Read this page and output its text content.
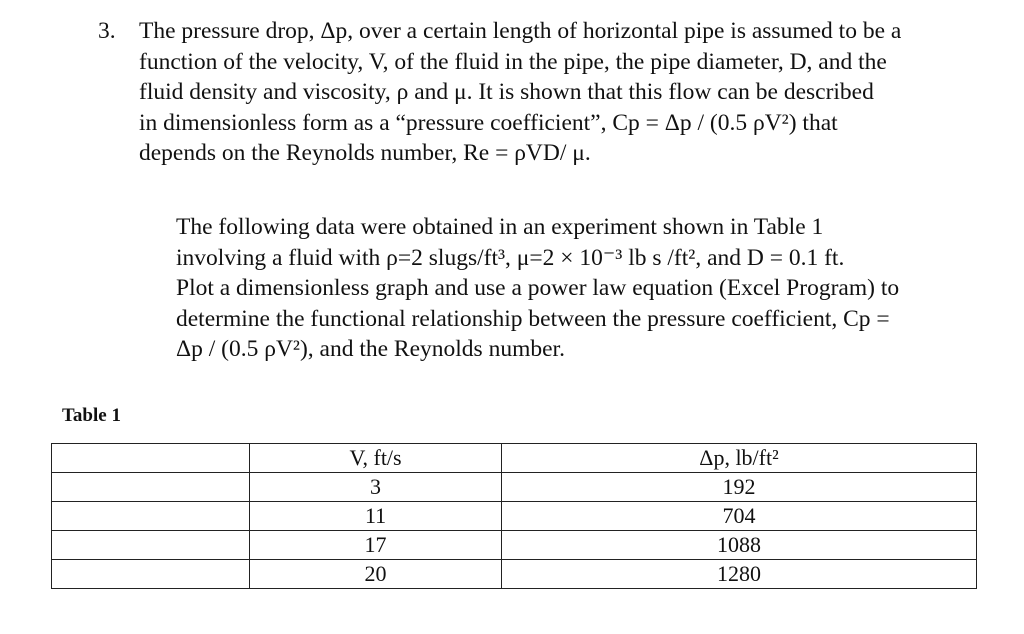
3. The pressure drop, Δp, over a certain length of horizontal pipe is assumed to be a
function of the velocity, V, of the fluid in the pipe, the pipe diameter, D, and the
fluid density and viscosity, ρ and μ. It is shown that this flow can be described
in dimensionless form as a “pressure coefficient”, Cp = Δp / (0.5 ρV²) that
depends on the Reynolds number, Re = ρVD/ μ.
The following data were obtained in an experiment shown in Table 1
involving a fluid with ρ=2 slugs/ft³, μ=2 × 10⁻³ lb s /ft², and D = 0.1 ft.
Plot a dimensionless graph and use a power law equation (Excel Program) to
determine the functional relationship between the pressure coefficient, Cp =
Δp / (0.5 ρV²), and the Reynolds number.
Table 1
	V, ft/s	Δp, lb/ft²
	3	192
	11	704
	17	1088
	20	1280
